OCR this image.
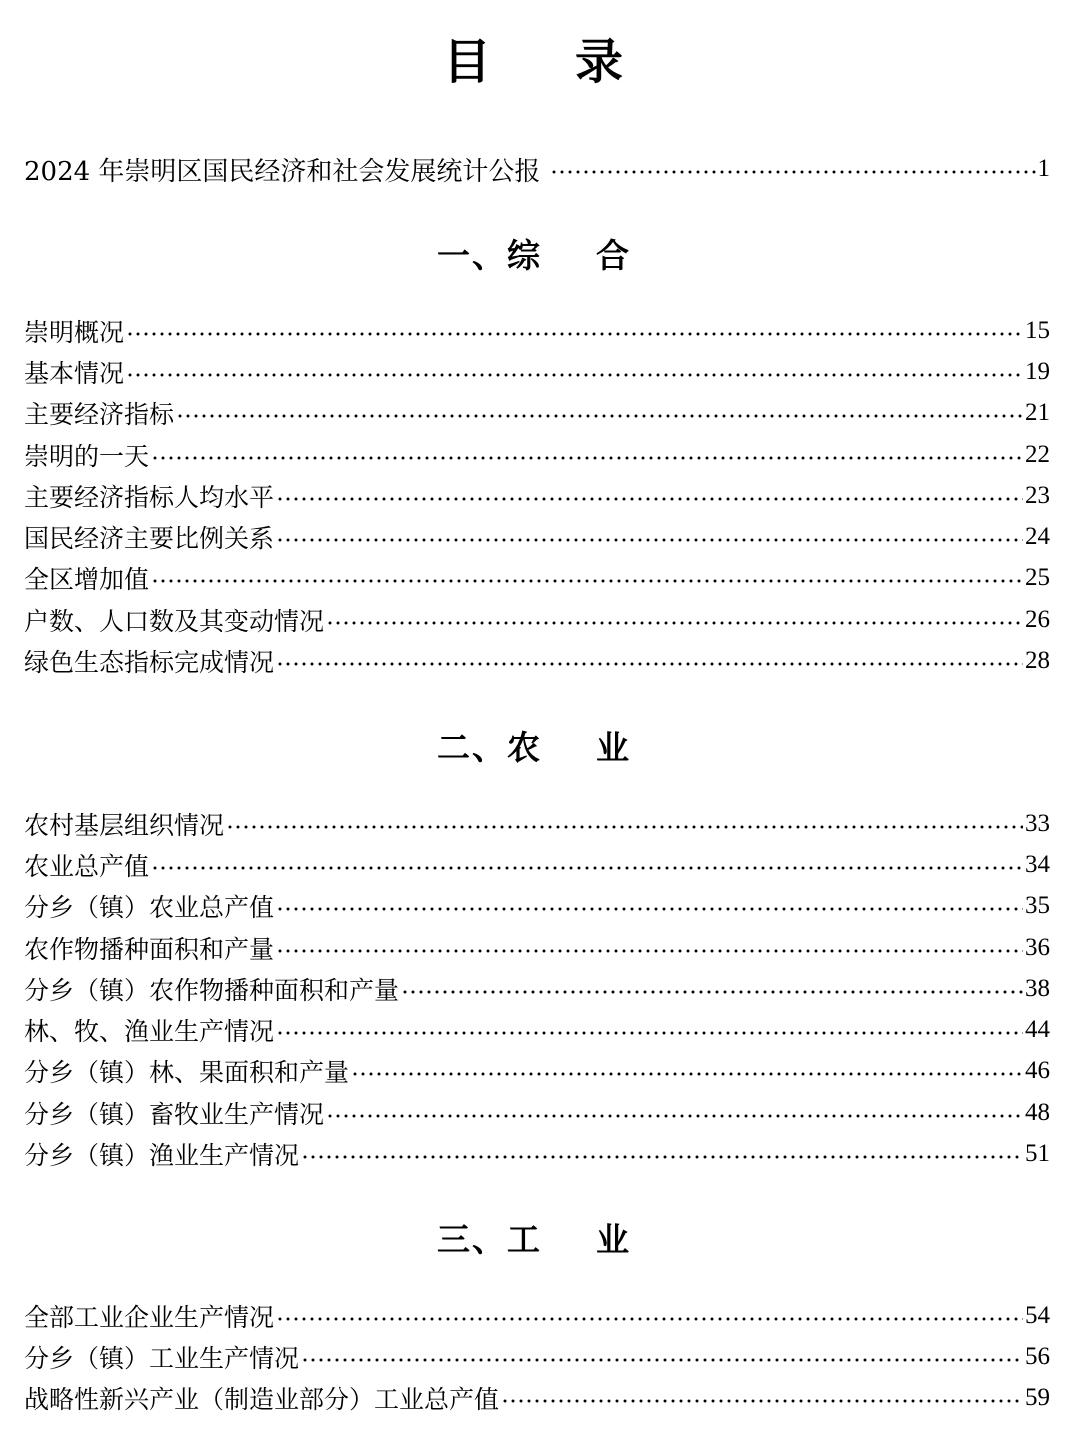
目 录
2024 年崇明区国民经济和社会发展统计公报	1
一、综 合
崇明概况	15
基本情况	19
主要经济指标	21
崇明的一天	22
主要经济指标人均水平	23
国民经济主要比例关系	24
全区增加值	25
户数、人口数及其变动情况	26
绿色生态指标完成情况	28
二、农 业
农村基层组织情况	33
农业总产值	34
分乡（镇）农业总产值	35
农作物播种面积和产量	36
分乡（镇）农作物播种面积和产量	38
林、牧、渔业生产情况	44
分乡（镇）林、果面积和产量	46
分乡（镇）畜牧业生产情况	48
分乡（镇）渔业生产情况	51
三、工 业
全部工业企业生产情况	54
分乡（镇）工业生产情况	56
战略性新兴产业（制造业部分）工业总产值	59
